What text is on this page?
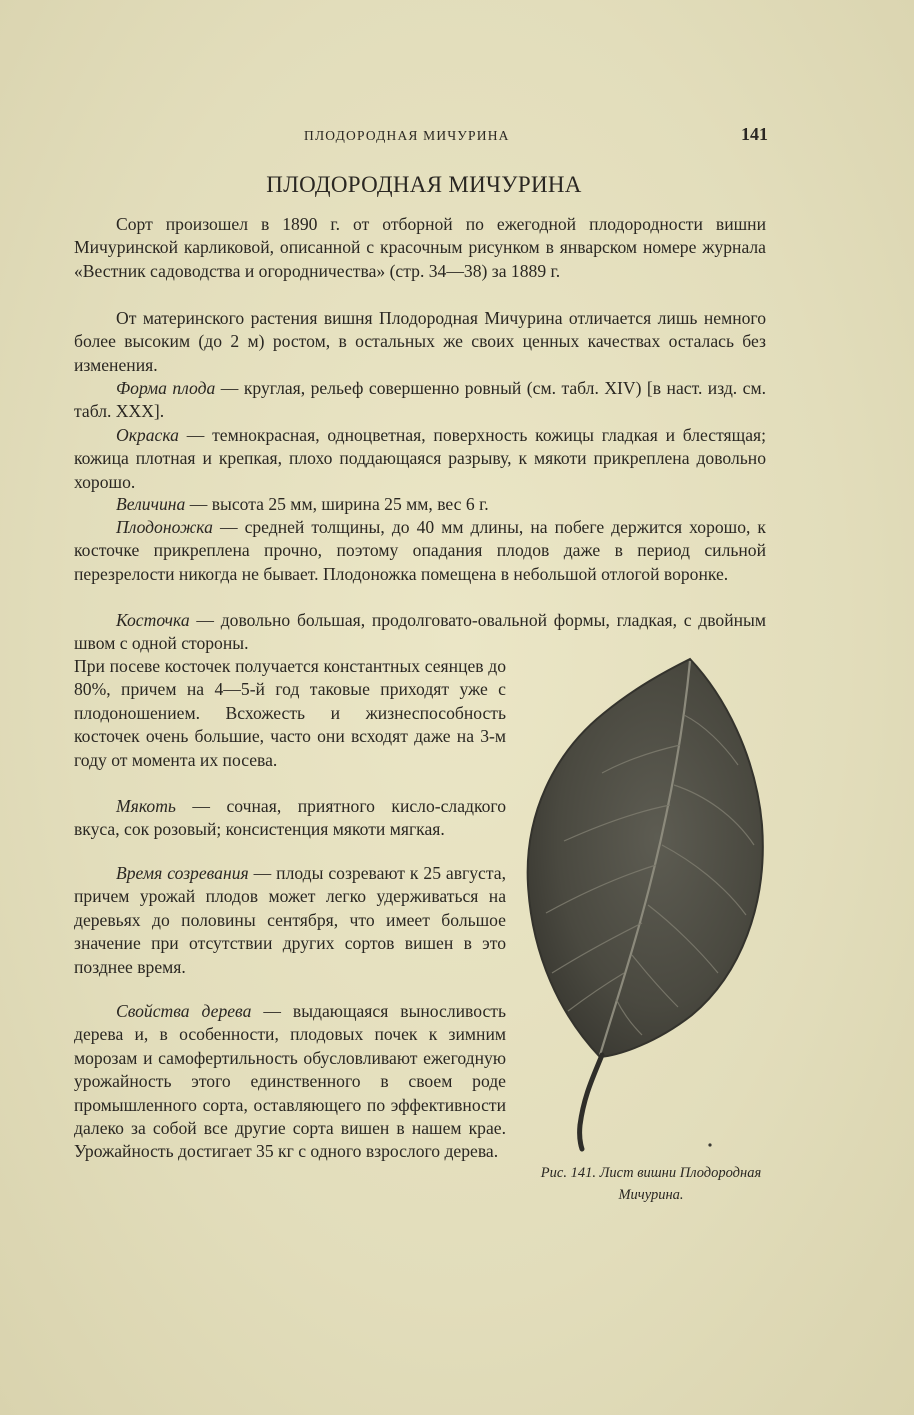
ПЛОДОРОДНАЯ МИЧУРИНА	141
ПЛОДОРОДНАЯ МИЧУРИНА

Сорт произошел в 1890 г. от отборной по ежегодной плодородности вишни Мичуринской карликовой, описанной с красочным рисунком в январском номере журнала «Вестник садоводства и огородничества» (стр. 34—38) за 1889 г.

От материнского растения вишня Плодородная Мичурина отличается лишь немного более высоким (до 2 м) ростом, в остальных же своих ценных качествах осталась без изменения.

Форма плода — круглая, рельеф совершенно ровный (см. табл. XIV) [в наст. изд. см. табл. XXX].

Окраска — темнокрасная, одноцветная, поверхность кожицы гладкая и блестящая; кожица плотная и крепкая, плохо поддающаяся разрыву, к мякоти прикреплена довольно хорошо.

Величина — высота 25 мм, ширина 25 мм, вес 6 г.

Плодоножка — средней толщины, до 40 мм длины, на побеге держится хорошо, к косточке прикреплена прочно, поэтому опадания плодов даже в период сильной перезрелости никогда не бывает. Плодоножка помещена в небольшой отлогой воронке.

Косточка — довольно большая, продолговато-овальной формы, гладкая, с двойным швом с одной стороны.

При посеве косточек получается константных сеянцев до 80%, причем на 4—5-й год таковые приходят уже с плодоношением. Всхожесть и жизнеспособность косточек очень большие, часто они всходят даже на 3-м году от момента их посева.

Мякоть — сочная, приятного кисло-сладкого вкуса, сок розовый; консистенция мякоти мягкая.

Время созревания — плоды созревают к 25 августа, причем урожай плодов может легко удерживаться на деревьях до половины сентября, что имеет большое значение при отсутствии других сортов вишен в это позднее время.

Свойства дерева — выдающаяся выносливость дерева и, в особенности, плодовых почек к зимним морозам и самофертильность обусловливают ежегодную урожайность этого единственного в своем роде промышленного сорта, оставляющего по эффективности далеко за собой все другие сорта вишен в нашем крае. Урожайность достигает 35 кг с одного взрослого дерева.

Рис. 141. Лист вишни Плодородная Мичурина.
